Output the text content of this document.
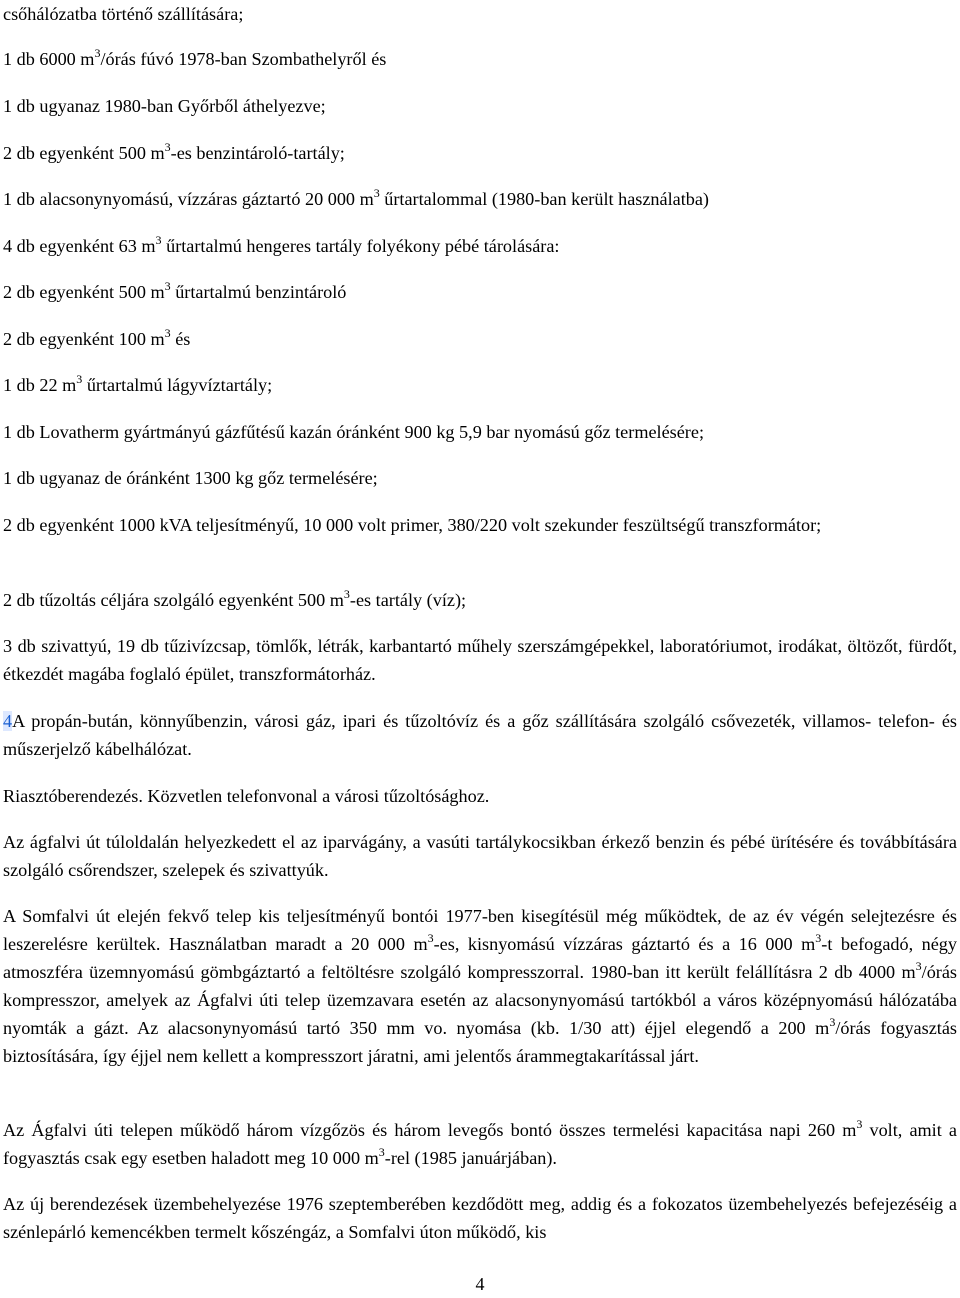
csőhálózatba történő szállítására;

1 db 6000 $m^3$/órás fúvó 1978-ban Szombathelyről és

1 db ugyanaz 1980-ban Győrből áthelyezve;

2 db egyenként 500 $m^3-es$ benzintároló-tartály;

1 db alacsonynyomású, vízzáras gáztartó 20 000 $m^3$ űrtartalommal (1980-ban került használatba)

4 db egyenként 63 $m^3$ űrtartalmú hengeres tartály folyékony pébé tárolására:

2 db egyenként 500 $m^3$ űrtartalmú benzintároló

2 db egyenként 100 $m^3$ és

1 db 22 $m^3$ űrtartalmú lágyvíztartály;

1 db Lovatherm gyártmányú gázfűtésű kazán óránként 900 kg 5,9 bar nyomású gőz termelésére;

1 db ugyanaz de óránként 1300 kg gőz termelésére;

2 db egyenként 1000 kVA teljesítményű, 10 000 volt primer, 380/220 volt szekunder feszültségű transzformátor;

2 db tűzoltás céljára szolgáló egyenként 500 $m^3-es$ tartály (víz);

3 db szivattyú, 19 db tűzivízcsap, tömlők, létrák, karbantartó műhely szerszámgépekkel, laboratóriumot, irodákat, öltözőt, fürdőt, étkezdét magába foglaló épület, transzformátorház.

4A propán-bután, könnyűbenzin, városi gáz, ipari és tűzoltóvíz és a gőz szállítására szolgáló csővezeték, villamos- telefon- és műszerjelző kábelhálózat.

Riasztóberendezés. Közvetlen telefonvonal a városi tűzoltósághoz.

Az ágfalvi út túloldalán helyezkedett el az iparvágány, a vasúti tartálykocsikban érkező benzin és pébé ürítésére és továbbítására szolgáló csőrendszer, szelepek és szivattyúk.

A Somfalvi út elején fekvő telep kis teljesítményű bontói 1977-ben kisegítésül még működtek, de az év végén selejtezésre és leszerelésre kerültek. Használatban maradt a 20 000 $m^3-es$, kisnyomású vízzáras gáztartó és a 16 000 $m^3-t$ befogadó, négy atmoszféra üzemnyomású gömbgáztartó a feltöltésre szolgáló kompresszorral. 1980-ban itt került felállításra 2 db 4000 $m^3$/órás kompresszor, amelyek az Ágfalvi úti telep üzemzavara esetén az alacsonynyomású tartókból a város középnyomású hálózatába nyomták a gázt. Az alacsonynyomású tartó 350 mm vo. nyomása (kb. 1/30 att) éjjel elegendő a 200 $m^3$/órás fogyasztás biztosítására, így éjjel nem kellett a kompresszort járatni, ami jelentős árammegtakarítással járt.

Az Ágfalvi úti telepen működő három vízgőzös és három levegős bontó összes termelési kapacitása napi 260 $m^3$ volt, amit a fogyasztás csak egy esetben haladott meg 10 000 $m^3$-rel (1985 januárjában).

Az új berendezések üzembehelyezése 1976 szeptemberében kezdődött meg, addig és a fokozatos üzembehelyezés befejezéséig a szénlepárló kemencékben termelt kőszéngáz, a Somfalvi úton működő, kis

4
